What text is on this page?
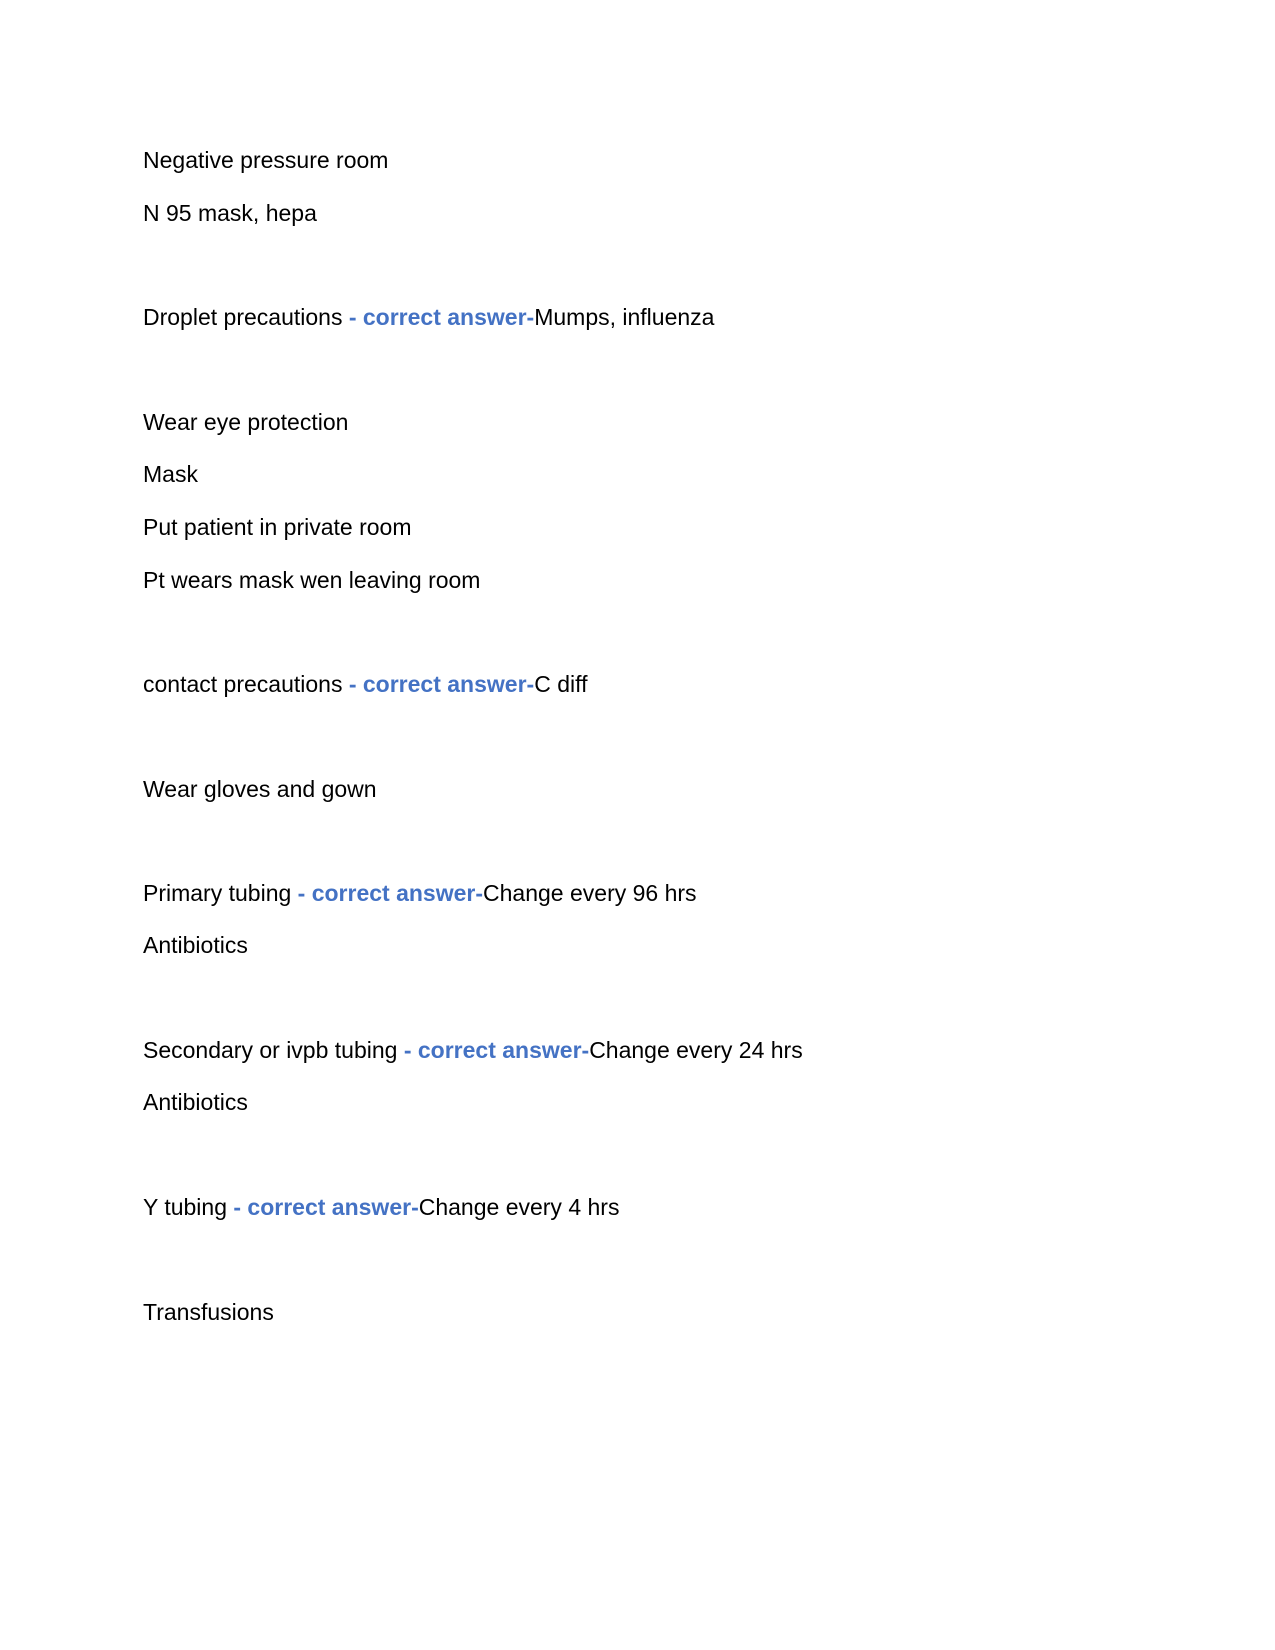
Negative pressure room
N 95 mask, hepa
Droplet precautions - correct answer-Mumps, influenza
Wear eye protection
Mask
Put patient in private room
Pt wears mask wen leaving room
contact precautions - correct answer-C diff
Wear gloves and gown
Primary tubing - correct answer-Change every 96 hrs
Antibiotics
Secondary or ivpb tubing - correct answer-Change every 24 hrs
Antibiotics
Y tubing - correct answer-Change every 4 hrs
Transfusions
